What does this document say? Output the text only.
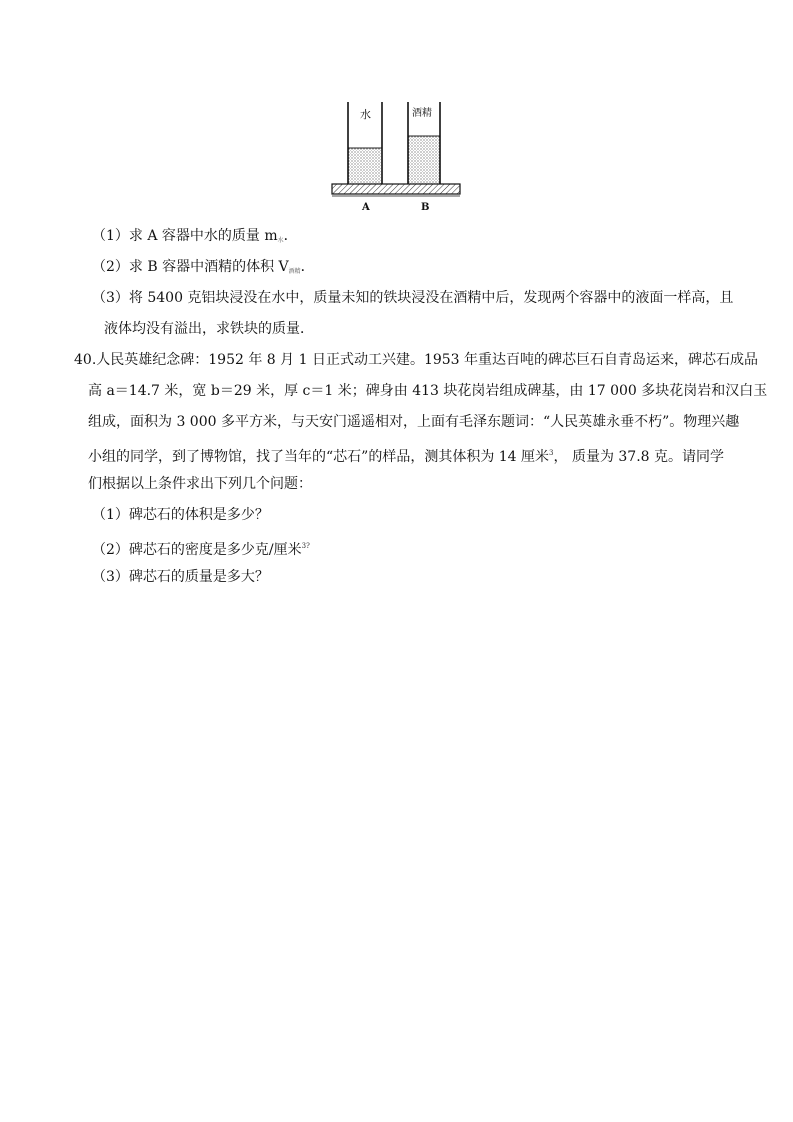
水	酒精
A	B
（1）求 A 容器中水的质量 $m_水$．
（2）求 B 容器中酒精的体积 $V_{酒精}$．
（3）将 5400 克铝块浸没在水中，质量未知的铁块浸没在酒精中后，发现两个容器中的液面一样高，且
液体均没有溢出，求铁块的质量．
40.人民英雄纪念碑：1952 年 8 月 1 日正式动工兴建。1953 年重达百吨的碑芯巨石自青岛运来，碑芯石成品
高 a＝14.7 米，宽 b＝29 米，厚 c＝1 米；碑身由 413 块花岗岩组成碑基，由 17 000 多块花岗岩和汉白玉
组成，面积为 3 000 多平方米，与天安门遥遥相对，上面有毛泽东题词：“人民英雄永垂不朽”。物理兴趣
小组的同学，到了博物馆，找了当年的“芯石”的样品，测其体积为 14 厘米$^3$， 质量为 37.8 克。请同学
们根据以上条件求出下列几个问题：
（1）碑芯石的体积是多少？
（2）碑芯石的密度是多少克/厘米$^{3?}$
（3）碑芯石的质量是多大？
